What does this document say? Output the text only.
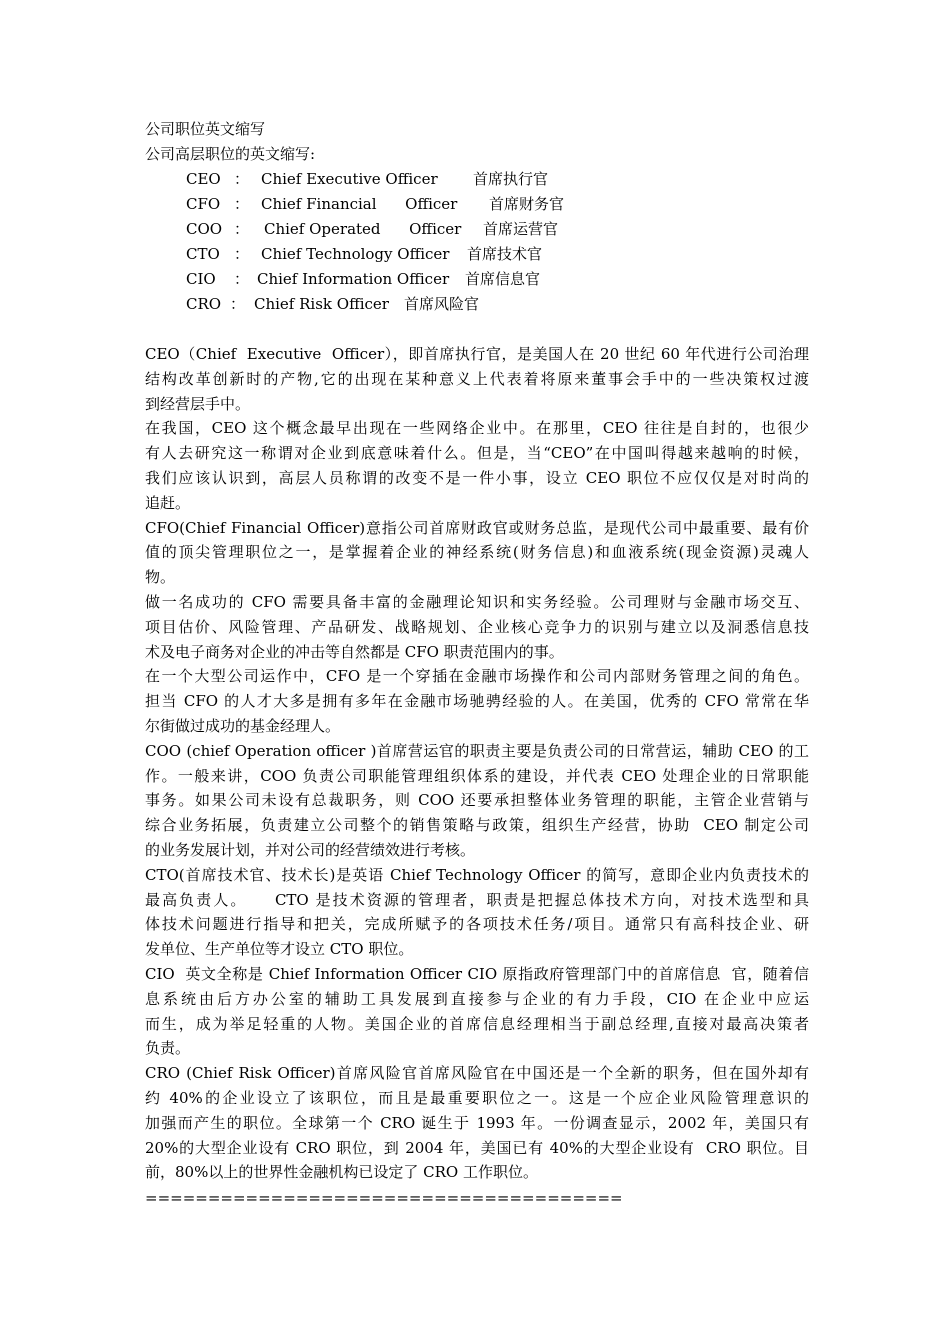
公司职位英文缩写
公司高层职位的英文缩写:
CEO ： Chief Executive Officer 首席执行官
CFO ： Chief Financial      Officer 首席财务官
COO ： Chief Operated      Officer 首席运营官
CTO ： Chief Technology Officer 首席技术官
CIO ： Chief Information Officer 首席信息官
CRO ： Chief Risk Officer 首席风险官
CEO（Chief  Executive  Officer），即首席执行官，是美国人在 20 世纪 60 年代进行公司治理
结构改革创新时的产物,它的出现在某种意义上代表着将原来董事会手中的一些决策权过渡
到经营层手中。
在我国，CEO 这个概念最早出现在一些网络企业中。在那里，CEO 往往是自封的，也很少
有人去研究这一称谓对企业到底意味着什么。但是，当“CEO”在中国叫得越来越响的时候，
我们应该认识到，高层人员称谓的改变不是一件小事，设立 CEO 职位不应仅仅是对时尚的
追赶。
CFO(Chief Financial Officer)意指公司首席财政官或财务总监，是现代公司中最重要、最有价
值的顶尖管理职位之一，是掌握着企业的神经系统(财务信息)和血液系统(现金资源)灵魂人
物。
做一名成功的 CFO 需要具备丰富的金融理论知识和实务经验。公司理财与金融市场交互、
项目估价、风险管理、产品研发、战略规划、企业核心竞争力的识别与建立以及洞悉信息技
术及电子商务对企业的冲击等自然都是 CFO 职责范围内的事。
在一个大型公司运作中，CFO 是一个穿插在金融市场操作和公司内部财务管理之间的角色。
担当 CFO 的人才大多是拥有多年在金融市场驰骋经验的人。在美国，优秀的 CFO 常常在华
尔街做过成功的基金经理人。
COO (chief Operation officer )首席营运官的职责主要是负责公司的日常营运，辅助 CEO 的工
作。一般来讲，COO 负责公司职能管理组织体系的建设，并代表 CEO 处理企业的日常职能
事务。如果公司未设有总裁职务，则 COO 还要承担整体业务管理的职能，主管企业营销与
综合业务拓展，负责建立公司整个的销售策略与政策，组织生产经营，协助  CEO 制定公司
的业务发展计划，并对公司的经营绩效进行考核。
CTO(首席技术官、技术长)是英语 Chief Technology Officer 的简写，意即企业内负责技术的
最高负责人。    CTO 是技术资源的管理者，职责是把握总体技术方向，对技术选型和具
体技术问题进行指导和把关，完成所赋予的各项技术任务/项目。通常只有高科技企业、研
发单位、生产单位等才设立 CTO 职位。
CIO  英文全称是 Chief Information Officer CIO 原指政府管理部门中的首席信息  官，随着信
息系统由后方办公室的辅助工具发展到直接参与企业的有力手段，CIO 在企业中应运
而生，成为举足轻重的人物。美国企业的首席信息经理相当于副总经理,直接对最高决策者
负责。
CRO (Chief Risk Officer)首席风险官首席风险官在中国还是一个全新的职务，但在国外却有
约 40%的企业设立了该职位，而且是最重要职位之一。这是一个应企业风险管理意识的
加强而产生的职位。全球第一个 CRO 诞生于 1993 年。一份调查显示，2002 年，美国只有
20%的大型企业设有 CRO 职位，到 2004 年，美国已有 40%的大型企业设有  CRO 职位。目
前，80%以上的世界性金融机构已设定了 CRO 工作职位。
======================================
